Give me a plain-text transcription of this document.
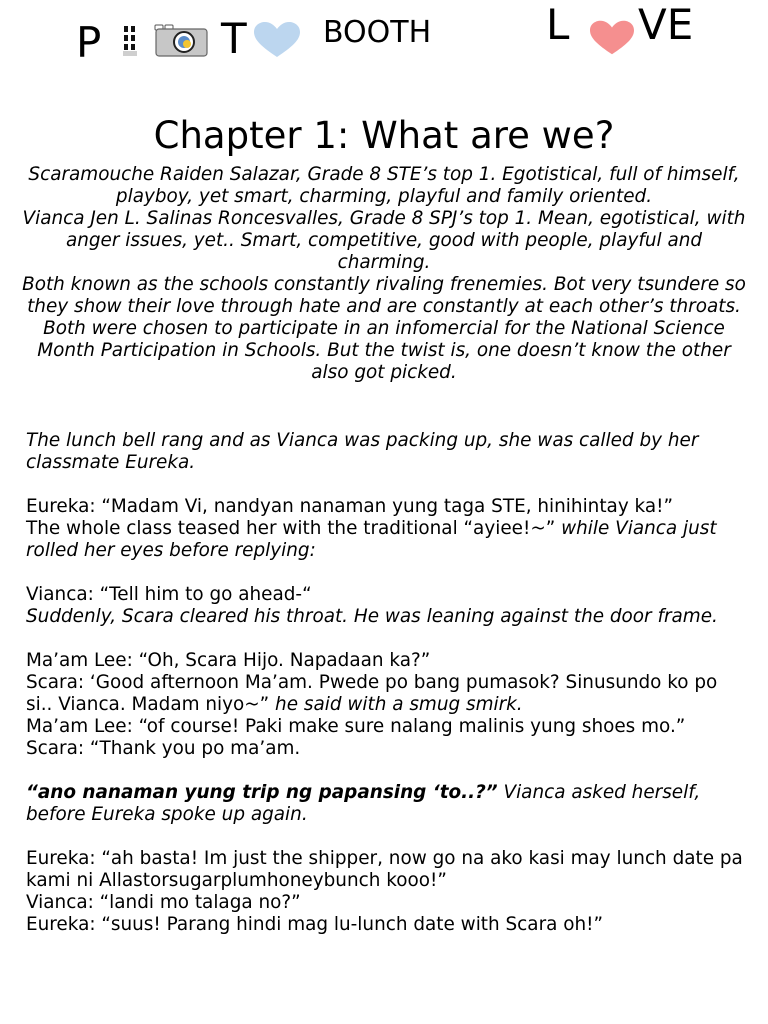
P	T	BOOTH	L VE
Chapter 1: What are we?

Scaramouche Raiden Salazar, Grade 8 STE’s top 1. Egotistical, full of himself, playboy, yet smart, charming, playful and family oriented.

Vianca Jen L. Salinas Roncesvalles, Grade 8 SPJ’s top 1. Mean, egotistical, with anger issues, yet.. Smart, competitive, good with people, playful and charming.

Both known as the schools constantly rivaling frenemies. Bot very tsundere so they show their love through hate and are constantly at each other’s throats.

Both were chosen to participate in an infomercial for the National Science Month Participation in Schools. But the twist is, one doesn’t know the other also got picked.

The lunch bell rang and as Vianca was packing up, she was called by her classmate Eureka.

Eureka: “Madam Vi, nandyan nanaman yung taga STE, hinihintay ka!”

The whole class teased her with the traditional “ayiee!~” while Vianca just rolled her eyes before replying:

Vianca: “Tell him to go ahead-“

Suddenly, Scara cleared his throat. He was leaning against the door frame.

Ma’am Lee: “Oh, Scara Hijo. Napadaan ka?”

Scara: ‘Good afternoon Ma’am. Pwede po bang pumasok? Sinusundo ko po si.. Vianca. Madam niyo~” he said with a smug smirk.

Ma’am Lee: “of course! Paki make sure nalang malinis yung shoes mo.”

Scara: “Thank you po ma’am.

“ano nanaman yung trip ng papansing ‘to..?” Vianca asked herself, before Eureka spoke up again.

Eureka: “ah basta! Im just the shipper, now go na ako kasi may lunch date pa kami ni Allastorsugarplumhoneybunch kooo!”

Vianca: “landi mo talaga no?”

Eureka: “suus! Parang hindi mag lu-lunch date with Scara oh!”
